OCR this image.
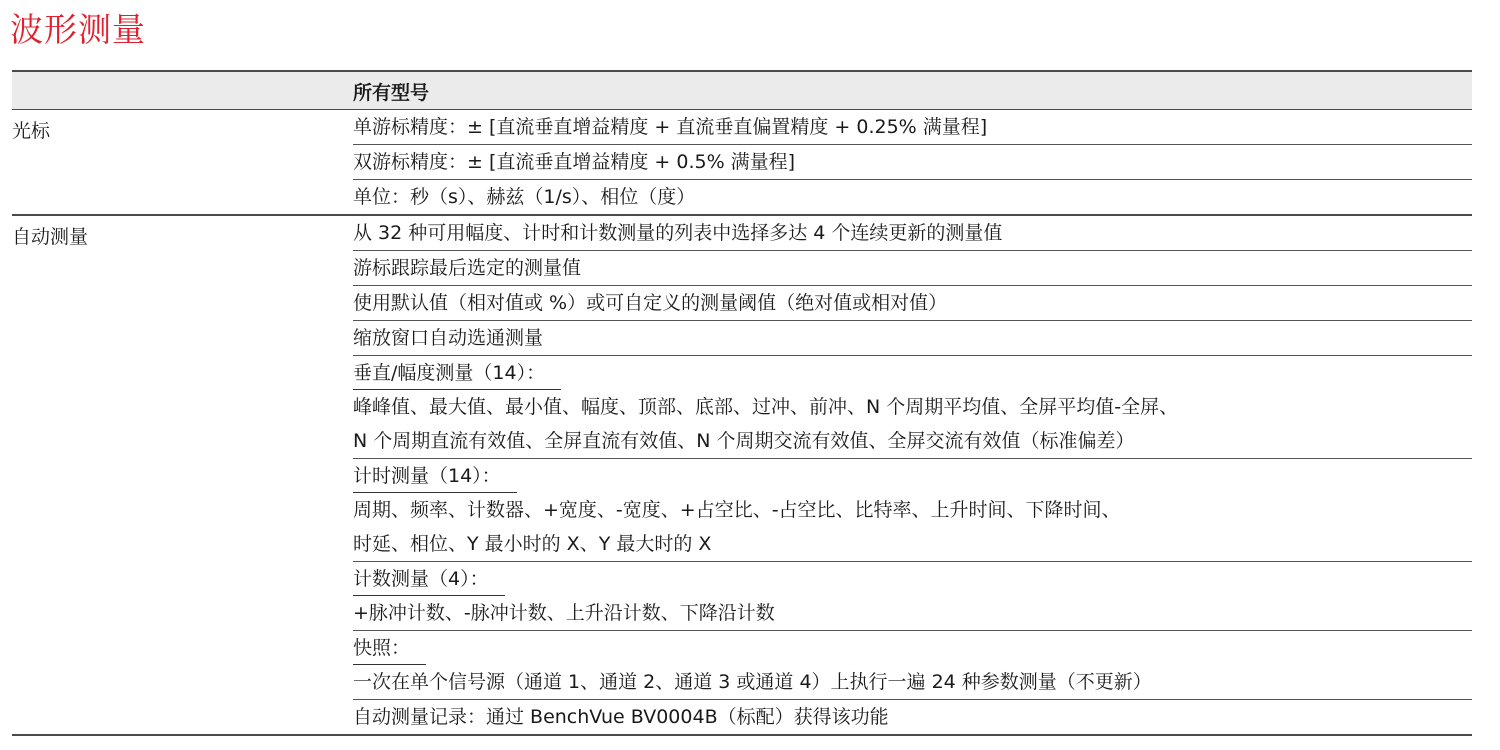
波形测量
所有型号
光标	单游标精度：± [直流垂直增益精度 + 直流垂直偏置精度 + 0.25% 满量程]
双游标精度：± [直流垂直增益精度 + 0.5% 满量程]
单位：秒（s）、赫兹（1/s）、相位（度）
自动测量	从 32 种可用幅度、计时和计数测量的列表中选择多达 4 个连续更新的测量值
游标跟踪最后选定的测量值
使用默认值（相对值或 %）或可自定义的测量阈值（绝对值或相对值）
缩放窗口自动选通测量
垂直/幅度测量（14）：
峰峰值、最大值、最小值、幅度、顶部、底部、过冲、前冲、N 个周期平均值、全屏平均值-全屏、
N 个周期直流有效值、全屏直流有效值、N 个周期交流有效值、全屏交流有效值（标准偏差）
计时测量（14）：
周期、频率、计数器、+宽度、-宽度、+占空比、-占空比、比特率、上升时间、下降时间、
时延、相位、Y 最小时的 X、Y 最大时的 X
计数测量（4）：
+脉冲计数、-脉冲计数、上升沿计数、下降沿计数
快照：
一次在单个信号源（通道 1、通道 2、通道 3 或通道 4）上执行一遍 24 种参数测量（不更新）
自动测量记录：通过 BenchVue BV0004B（标配）获得该功能
